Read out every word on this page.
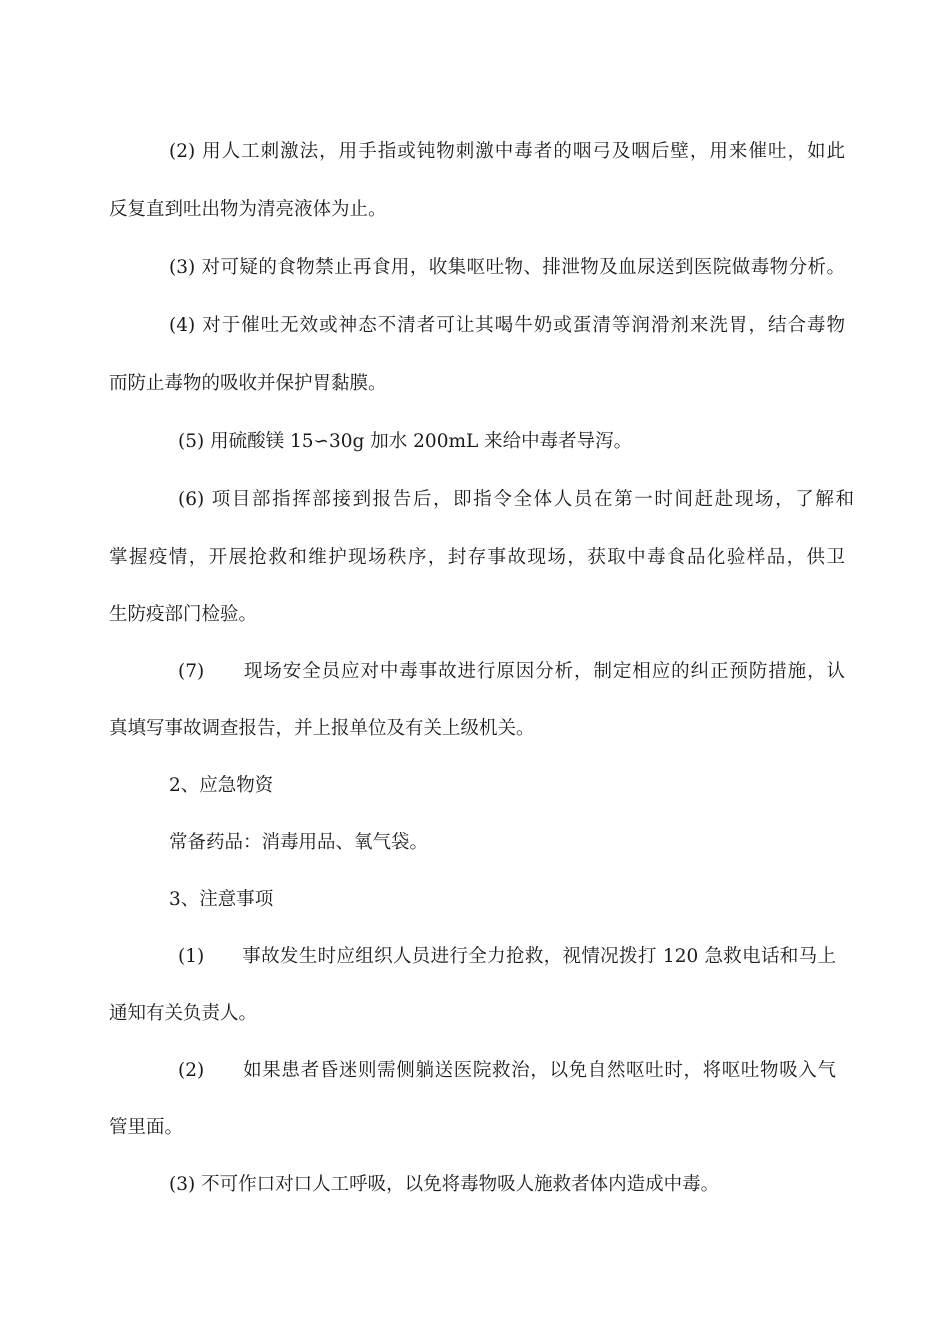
(2) 用人工刺激法，用手指或钝物刺激中毒者的咽弓及咽后壁，用来催吐，如此
反复直到吐出物为清亮液体为止。
(3) 对可疑的食物禁止再食用，收集呕吐物、排泄物及血尿送到医院做毒物分析。
(4) 对于催吐无效或神态不清者可让其喝牛奶或蛋清等润滑剂来洗胃，结合毒物
而防止毒物的吸收并保护胃黏膜。
(5) 用硫酸镁 15∽30g 加水 200mL 来给中毒者导泻。
(6) 项目部指挥部接到报告后，即指令全体人员在第一时间赶赴现场，了解和
掌握疫情，开展抢救和维护现场秩序，封存事故现场，获取中毒食品化验样品，供卫
生防疫部门检验。
(7)　　现场安全员应对中毒事故进行原因分析，制定相应的纠正预防措施，认
真填写事故调查报告，并上报单位及有关上级机关。
2、应急物资
常备药品：消毒用品、氧气袋。
3、注意事项
(1)　　事故发生时应组织人员进行全力抢救，视情况拨打 120 急救电话和马上
通知有关负责人。
(2)　　如果患者昏迷则需侧躺送医院救治，以免自然呕吐时，将呕吐物吸入气
管里面。
(3) 不可作口对口人工呼吸，以免将毒物吸人施救者体内造成中毒。
